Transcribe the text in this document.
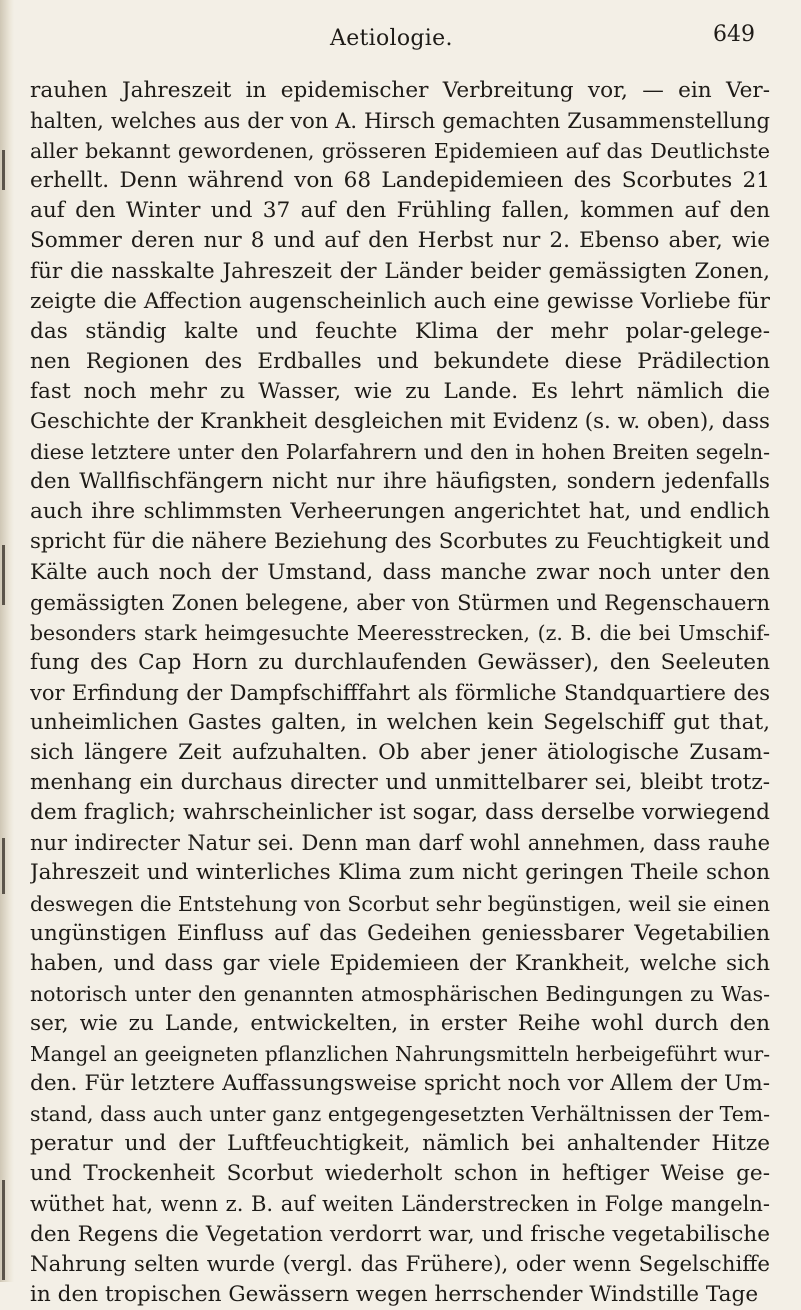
Aetiologie.	649
rauhen Jahreszeit in epidemischer Verbreitung vor, — ein Ver-
halten, welches aus der von A. Hirsch gemachten Zusammenstellung
aller bekannt gewordenen, grösseren Epidemieen auf das Deutlichste
erhellt. Denn während von 68 Landepidemieen des Scorbutes 21
auf den Winter und 37 auf den Frühling fallen, kommen auf den
Sommer deren nur 8 und auf den Herbst nur 2. Ebenso aber, wie
für die nasskalte Jahreszeit der Länder beider gemässigten Zonen,
zeigte die Affection augenscheinlich auch eine gewisse Vorliebe für
das ständig kalte und feuchte Klima der mehr polar-gelege-
nen Regionen des Erdballes und bekundete diese Prädilection
fast noch mehr zu Wasser, wie zu Lande. Es lehrt nämlich die
Geschichte der Krankheit desgleichen mit Evidenz (s. w. oben), dass
diese letztere unter den Polarfahrern und den in hohen Breiten segeln-
den Wallfischfängern nicht nur ihre häufigsten, sondern jedenfalls
auch ihre schlimmsten Verheerungen angerichtet hat, und endlich
spricht für die nähere Beziehung des Scorbutes zu Feuchtigkeit und
Kälte auch noch der Umstand, dass manche zwar noch unter den
gemässigten Zonen belegene, aber von Stürmen und Regenschauern
besonders stark heimgesuchte Meeresstrecken, (z. B. die bei Umschif-
fung des Cap Horn zu durchlaufenden Gewässer), den Seeleuten
vor Erfindung der Dampfschifffahrt als förmliche Standquartiere des
unheimlichen Gastes galten, in welchen kein Segelschiff gut that,
sich längere Zeit aufzuhalten. Ob aber jener ätiologische Zusam-
menhang ein durchaus directer und unmittelbarer sei, bleibt trotz-
dem fraglich; wahrscheinlicher ist sogar, dass derselbe vorwiegend
nur indirecter Natur sei. Denn man darf wohl annehmen, dass rauhe
Jahreszeit und winterliches Klima zum nicht geringen Theile schon
deswegen die Entstehung von Scorbut sehr begünstigen, weil sie einen
ungünstigen Einfluss auf das Gedeihen geniessbarer Vegetabilien
haben, und dass gar viele Epidemieen der Krankheit, welche sich
notorisch unter den genannten atmosphärischen Bedingungen zu Was-
ser, wie zu Lande, entwickelten, in erster Reihe wohl durch den
Mangel an geeigneten pflanzlichen Nahrungsmitteln herbeigeführt wur-
den. Für letztere Auffassungsweise spricht noch vor Allem der Um-
stand, dass auch unter ganz entgegengesetzten Verhältnissen der Tem-
peratur und der Luftfeuchtigkeit, nämlich bei anhaltender Hitze
und Trockenheit Scorbut wiederholt schon in heftiger Weise ge-
wüthet hat, wenn z. B. auf weiten Länderstrecken in Folge mangeln-
den Regens die Vegetation verdorrt war, und frische vegetabilische
Nahrung selten wurde (vergl. das Frühere), oder wenn Segelschiffe
in den tropischen Gewässern wegen herrschender Windstille Tage
